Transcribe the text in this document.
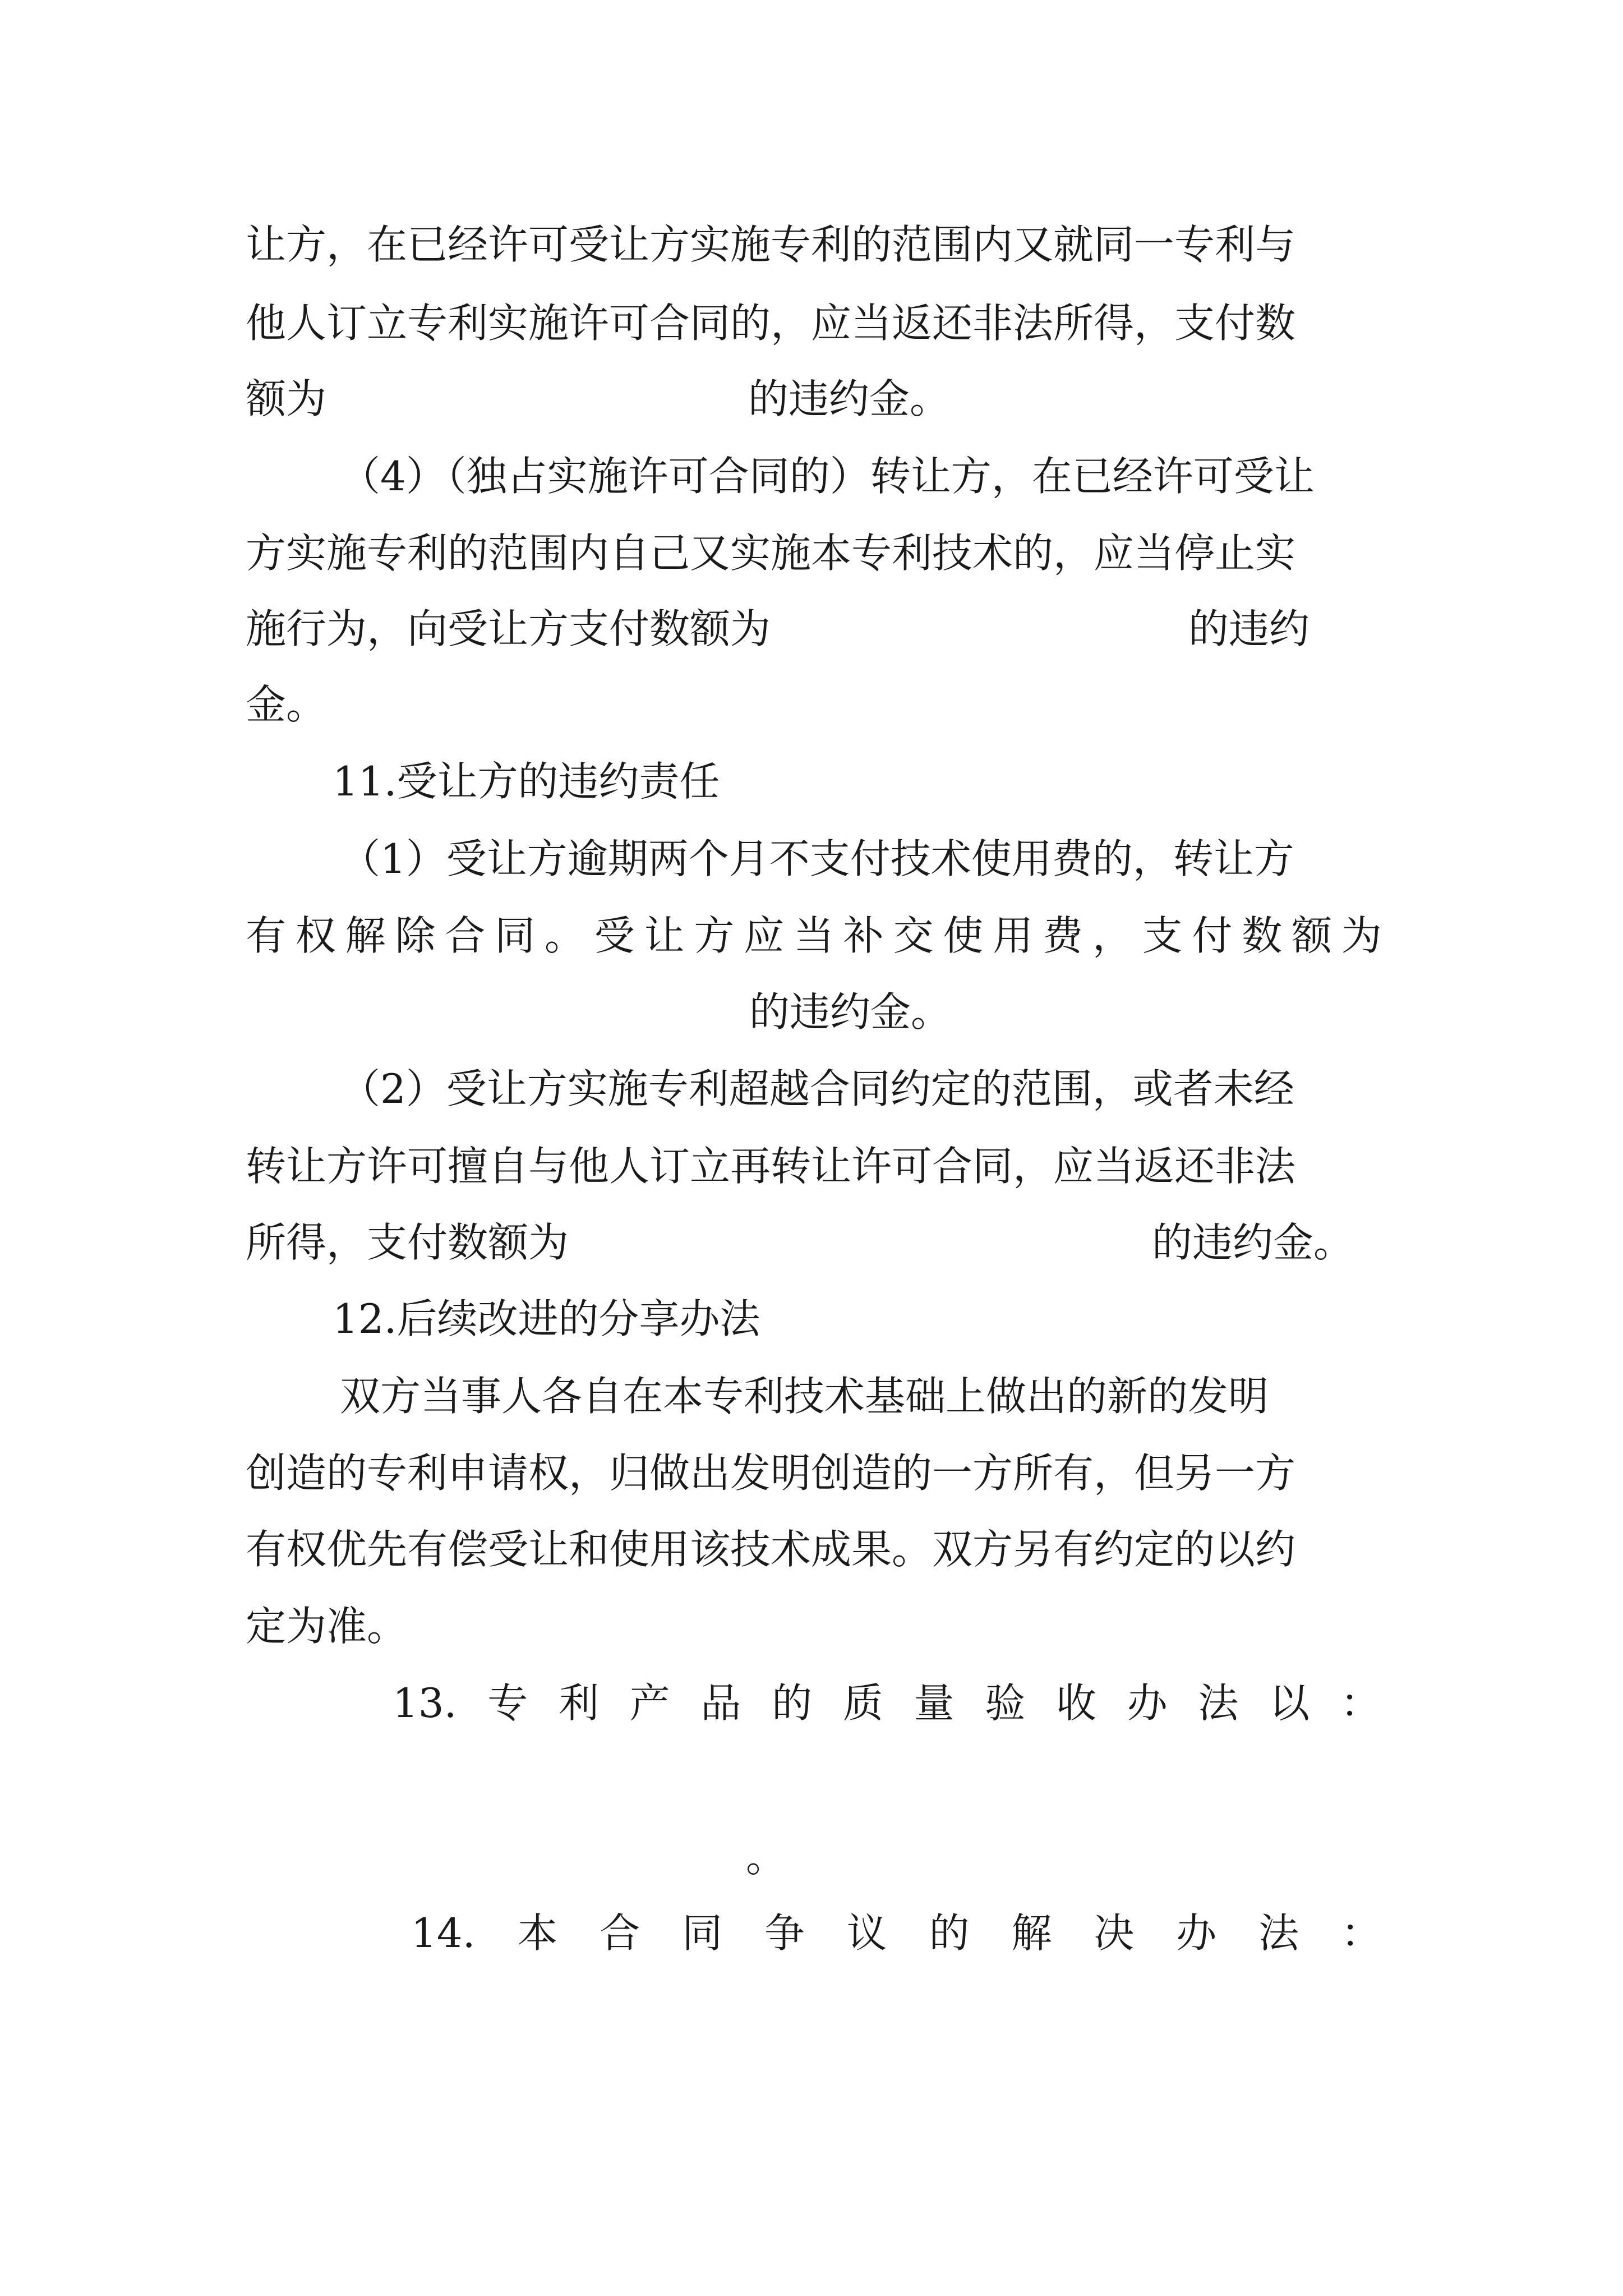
让方，在已经许可受让方实施专利的范围内又就同一专利与
他人订立专利实施许可合同的，应当返还非法所得，支付数
额为	的违约金。
（4）（独占实施许可合同的）转让方，在已经许可受让
方实施专利的范围内自己又实施本专利技术的，应当停止实
施行为，向受让方支付数额为	的违约
金。
11.受让方的违约责任
（1）受让方逾期两个月不支付技术使用费的，转让方
有 权 解 除 合 同 。 受 让 方 应 当 补 交 使 用 费 ， 支 付 数 额 为
的违约金。
（2）受让方实施专利超越合同约定的范围，或者未经
转让方许可擅自与他人订立再转让许可合同，应当返还非法
所得，支付数额为	的违约金。
12.后续改进的分享办法
双方当事人各自在本专利技术基础上做出的新的发明
创造的专利申请权，归做出发明创造的一方所有，但另一方
有权优先有偿受让和使用该技术成果。双方另有约定的以约
定为准。
13. 专 利 产 品 的 质 量 验 收 办 法 以 ：
。
14. 本 合 同 争 议 的 解 决 办 法 ：
